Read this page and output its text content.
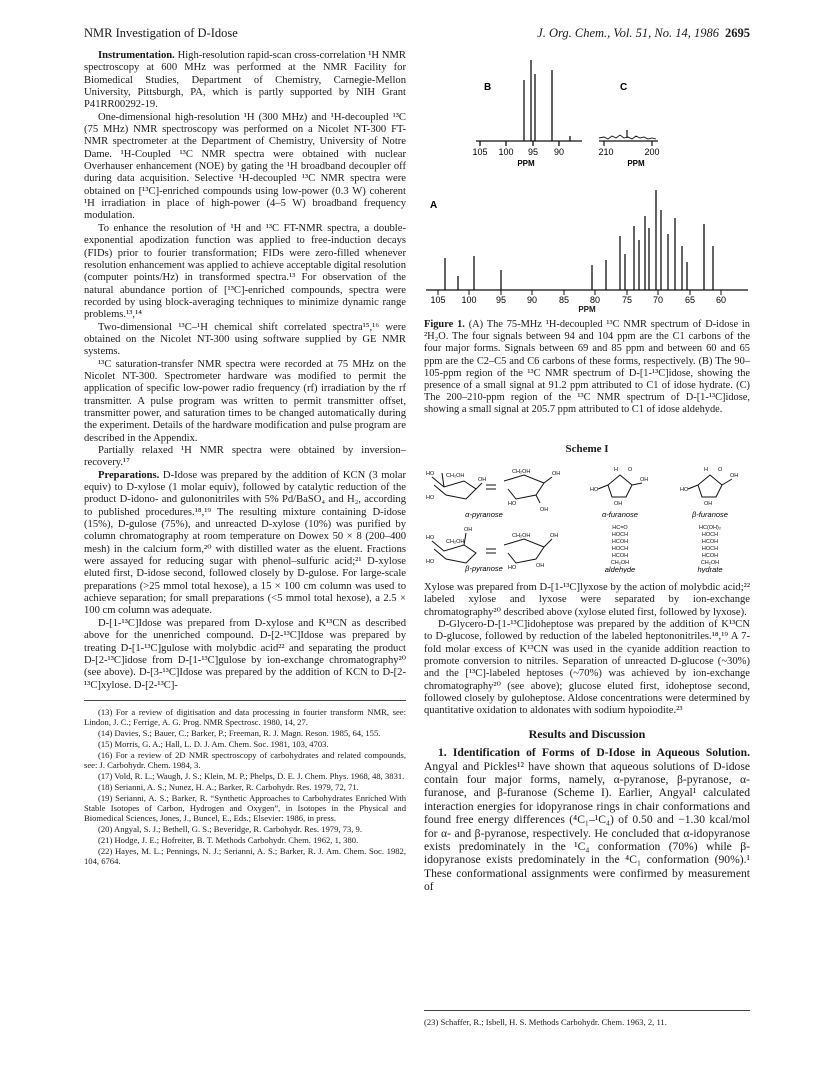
NMR Investigation of D-Idose	J. Org. Chem., Vol. 51, No. 14, 1986 2695

Instrumentation. High-resolution rapid-scan cross-correlation ¹H NMR spectroscopy at 600 MHz was performed at the NMR Facility for Biomedical Studies, Department of Chemistry, Carnegie-Mellon University, Pittsburgh, PA, which is partly supported by NIH Grant P41RR00292-19.

One-dimensional high-resolution ¹H (300 MHz) and ¹H-decoupled ¹³C (75 MHz) NMR spectroscopy was performed on a Nicolet NT-300 FT-NMR spectrometer at the Department of Chemistry, University of Notre Dame. ¹H-Coupled ¹³C NMR spectra were obtained with nuclear Overhauser enhancement (NOE) by gating the ¹H broadband decoupler off during data acquisition. Selective ¹H-decoupled ¹³C NMR spectra were obtained on [¹³C]-enriched compounds using low-power (0.3 W) coherent ¹H irradiation in place of high-power (4–5 W) broadband frequency modulation.

To enhance the resolution of ¹H and ¹³C FT-NMR spectra, a double-exponential apodization function was applied to free-induction decays (FIDs) prior to fourier transformation; FIDs were zero-filled whenever resolution enhancement was applied to achieve acceptable digital resolution (computer points/Hz) in transformed spectra.¹³ For observation of the natural abundance portion of [¹³C]-enriched compounds, spectra were recorded by using block-averaging techniques to minimize dynamic range problems.¹³,¹⁴

Two-dimensional ¹³C–¹H chemical shift correlated spectra¹⁵,¹⁶ were obtained on the Nicolet NT-300 using software supplied by GE NMR systems.

¹³C saturation-transfer NMR spectra were recorded at 75 MHz on the Nicolet NT-300. Spectrometer hardware was modified to permit the application of specific low-power radio frequency (rf) irradiation by the rf transmitter. A pulse program was written to permit transmitter offset, transmitter power, and saturation times to be changed automatically during the experiment. Details of the hardware modification and pulse program are described in the Appendix.

Partially relaxed ¹H NMR spectra were obtained by inversion–recovery.¹⁷

Preparations. D-Idose was prepared by the addition of KCN (3 molar equiv) to D-xylose (1 molar equiv), followed by catalytic reduction of the product D-idono- and gulononitriles with 5% Pd/BaSO₄ and H₂, according to published procedures.¹⁸,¹⁹ The resulting mixture containing D-idose (15%), D-gulose (75%), and unreacted D-xylose (10%) was purified by column chromatography at room temperature on Dowex 50 × 8 (200–400 mesh) in the calcium form,²⁰ with distilled water as the eluent. Fractions were assayed for reducing sugar with phenol–sulfuric acid;²¹ D-xylose eluted first, D-idose second, followed closely by D-gulose. For large-scale preparations (>25 mmol total hexose), a 15 × 100 cm column was used to achieve separation; for small preparations (<5 mmol total hexose), a 2.5 × 100 cm column was adequate.

D-[1-¹³C]Idose was prepared from D-xylose and K¹³CN as described above for the unenriched compound. D-[2-¹³C]Idose was prepared by treating D-[1-¹³C]gulose with molybdic acid²² and separating the product D-[2-¹³C]idose from D-[1-¹³C]gulose by ion-exchange chromatography²⁰ (see above). D-[3-¹³C]Idose was prepared by the addition of KCN to D-[2-¹³C]xylose. D-[2-¹³C]-

(13) For a review of digitisation and data processing in fourier transform NMR, see: Lindon, J. C.; Ferrige, A. G. Prog. NMR Spectrosc. 1980, 14, 27.

(14) Davies, S.; Bauer, C.; Barker, P.; Freeman, R. J. Magn. Reson. 1985, 64, 155.

(15) Morris, G. A.; Hall, L. D. J. Am. Chem. Soc. 1981, 103, 4703.

(16) For a review of 2D NMR spectroscopy of carbohydrates and related compounds, see: J. Carbohydr. Chem. 1984, 3.

(17) Vold, R. L.; Waugh, J. S.; Klein, M. P.; Phelps, D. E. J. Chem. Phys. 1968, 48, 3831.

(18) Serianni, A. S.; Nunez, H. A.; Barker, R. Carbohydr. Res. 1979, 72, 71.

(19) Serianni, A. S.; Barker, R. “Synthetic Approaches to Carbohydrates Enriched With Stable Isotopes of Carbon, Hydrogen and Oxygen”, in Isotopes in the Physical and Biomedical Sciences, Jones, J., Buncel, E., Eds.; Elsevier: 1986, in press.

(20) Angyal, S. J.; Bethell, G. S.; Beveridge, R. Carbohydr. Res. 1979, 73, 9.

(21) Hodge, J. E.; Hofreiter, B. T. Methods Carbohydr. Chem. 1962, 1, 380.

(22) Hayes, M. L.; Pennings, N. J.; Serianni, A. S.; Barker, R. J. Am. Chem. Soc. 1982, 104, 6764.

B
105 100 95 90
PPM
C
210	200
PPM
A
105 100 95 90 85 80 75 70 65 60
PPM
Figure 1. (A) The 75-MHz ¹H-decoupled ¹³C NMR spectrum of D-idose in ²H₂O. The four signals between 94 and 104 ppm are the C1 carbons of the four major forms. Signals between 69 and 85 ppm and between 60 and 65 ppm are the C2–C5 and C6 carbons of these forms, respectively. (B) The 90–105-ppm region of the ¹³C NMR spectrum of D-[1-¹³C]idose, showing the presence of a small signal at 91.2 ppm attributed to C1 of idose hydrate. (C) The 200–210-ppm region of the ¹³C NMR spectrum of D-[1-¹³C]idose, showing a small signal at 205.7 ppm attributed to C1 of idose aldehyde.
Scheme I
HO CH₂OH
OH
HO
CH₂OH	OH
OH
HO
α-pyranose
H O
OH
HO
OH
α-furanose
H O
OH
HO
OH
β-furanose
HO
CH₂OH
OH
HO
CH₂OH	OH
HO	OH
β-pyranose
HC=O
HOCH
HCOH
HOCH
HCOH
CH₂OH
aldehyde
HC(OH)₂
HOCH
HCOH
HOCH
HCOH
CH₂OH
hydrate

Xylose was prepared from D-[1-¹³C]lyxose by the action of molybdic acid;²² labeled xylose and lyxose were separated by ion-exchange chromatography²⁰ described above (xylose eluted first, followed by lyxose).

D-Glycero-D-[1-¹³C]idoheptose was prepared by the addition of K¹³CN to D-glucose, followed by reduction of the labeled heptononitriles.¹⁸,¹⁹ A 7-fold molar excess of K¹³CN was used in the cyanide addition reaction to promote conversion to nitriles. Separation of unreacted D-glucose (~30%) and the [¹³C]-labeled heptoses (~70%) was achieved by ion-exchange chromatography²⁰ (see above); glucose eluted first, idoheptose second, followed closely by guloheptose. Aldose concentrations were determined by quantitative oxidation to aldonates with sodium hypoiodite.²³

Results and Discussion

1. Identification of Forms of D-Idose in Aqueous Solution. Angyal and Pickles¹² have shown that aqueous solutions of D-idose contain four major forms, namely, α-pyranose, β-pyranose, α-furanose, and β-furanose (Scheme I). Earlier, Angyal¹ calculated interaction energies for idopyranose rings in chair conformations and found free energy differences (⁴C₁–¹C₄) of 0.50 and −1.30 kcal/mol for α- and β-pyranose, respectively. He concluded that α-idopyranose exists predominately in the ¹C₄ conformation (70%) while β-idopyranose exists predominately in the ⁴C₁ conformation (90%).¹ These conformational assignments were confirmed by measurement of

(23) Schaffer, R.; Isbell, H. S. Methods Carbohydr. Chem. 1963, 2, 11.
